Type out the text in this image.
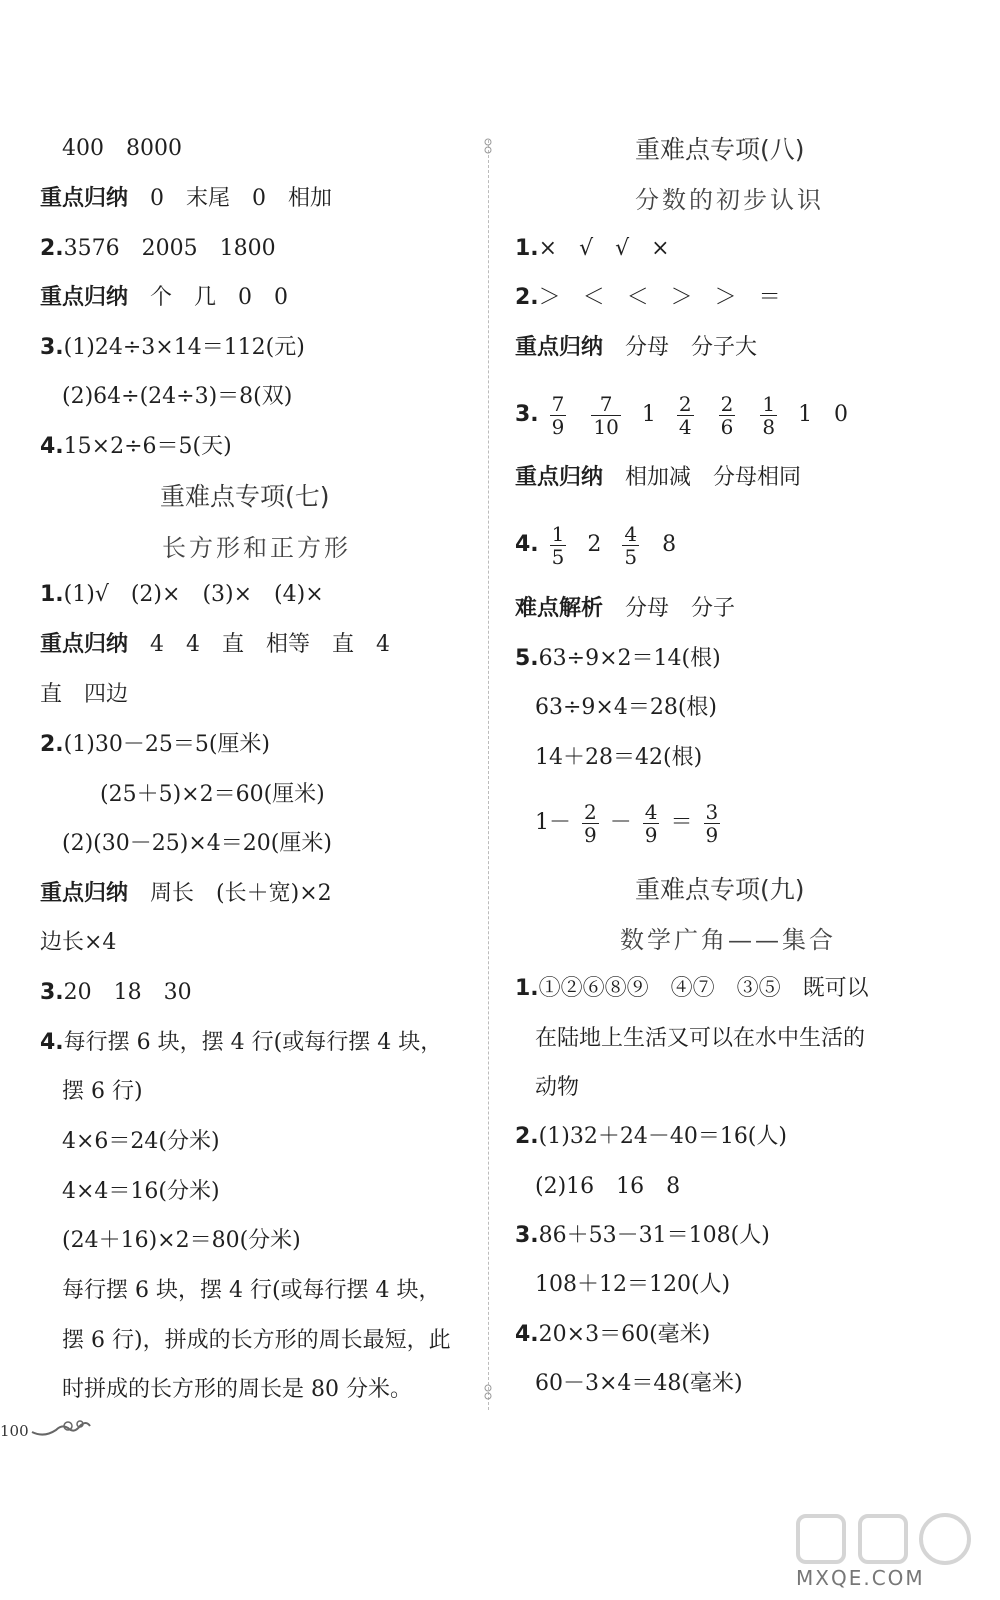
400　8000
重点归纳　 0　末尾　0　相加
2.3576　2005　1800
重点归纳　 个　几　0　0
3.(1)24÷3×14＝112(元)
(2)64÷(24÷3)＝8(双)
4.15×2÷6＝5(天)
重难点专项(七)
长方形和正方形
1.(1)√　(2)×　(3)×　(4)×
重点归纳　 4　4　直　相等　直　4
直　四边
2.(1)30－25＝5(厘米)
(25＋5)×2＝60(厘米)
(2)(30－25)×4＝20(厘米)
重点归纳　 周长　(长＋宽)×2
边长×4
3.20　18　30
4.每行摆 6 块，摆 4 行(或每行摆 4 块，
摆 6 行)
4×6＝24(分米)
4×4＝16(分米)
(24＋16)×2＝80(分米)
每行摆 6 块，摆 4 行(或每行摆 4 块，
摆 6 行)，拼成的长方形的周长最短，此
时拼成的长方形的周长是 80 分米。
重难点专项(八)
分数的初步认识
1.×　√　√　×
2.＞　＜　＜　＞　＞　＝
重点归纳　 分母　分子大
3. $\frac{7}{9}$
$\frac{7}{10} 1 \frac{2}{4}$
$\frac{2}{6}$
$\frac{1}{8} 1$　0
重点归纳　 相加减　分母相同
4. $\frac{1}{5} 2 \frac{4}{5} 8$
难点解析　 分母　分子
5.63÷9×2＝14(根)
63÷9×4＝28(根)
14＋28＝42(根)
$1- \frac{2}{9} - \frac{4}{9} = \frac{3}{9}$
重难点专项(九)
数学广角——集合
1.①②⑥⑧⑨　④⑦　③⑤　既可以
在陆地上生活又可以在水中生活的
动物
2.(1)32＋24－40＝16(人)
(2)16　16　8
3.86＋53－31＝108(人)
108＋12＝120(人)
4.20×3＝60(毫米)
60－3×4＝48(毫米)
100
MXQE.COM
